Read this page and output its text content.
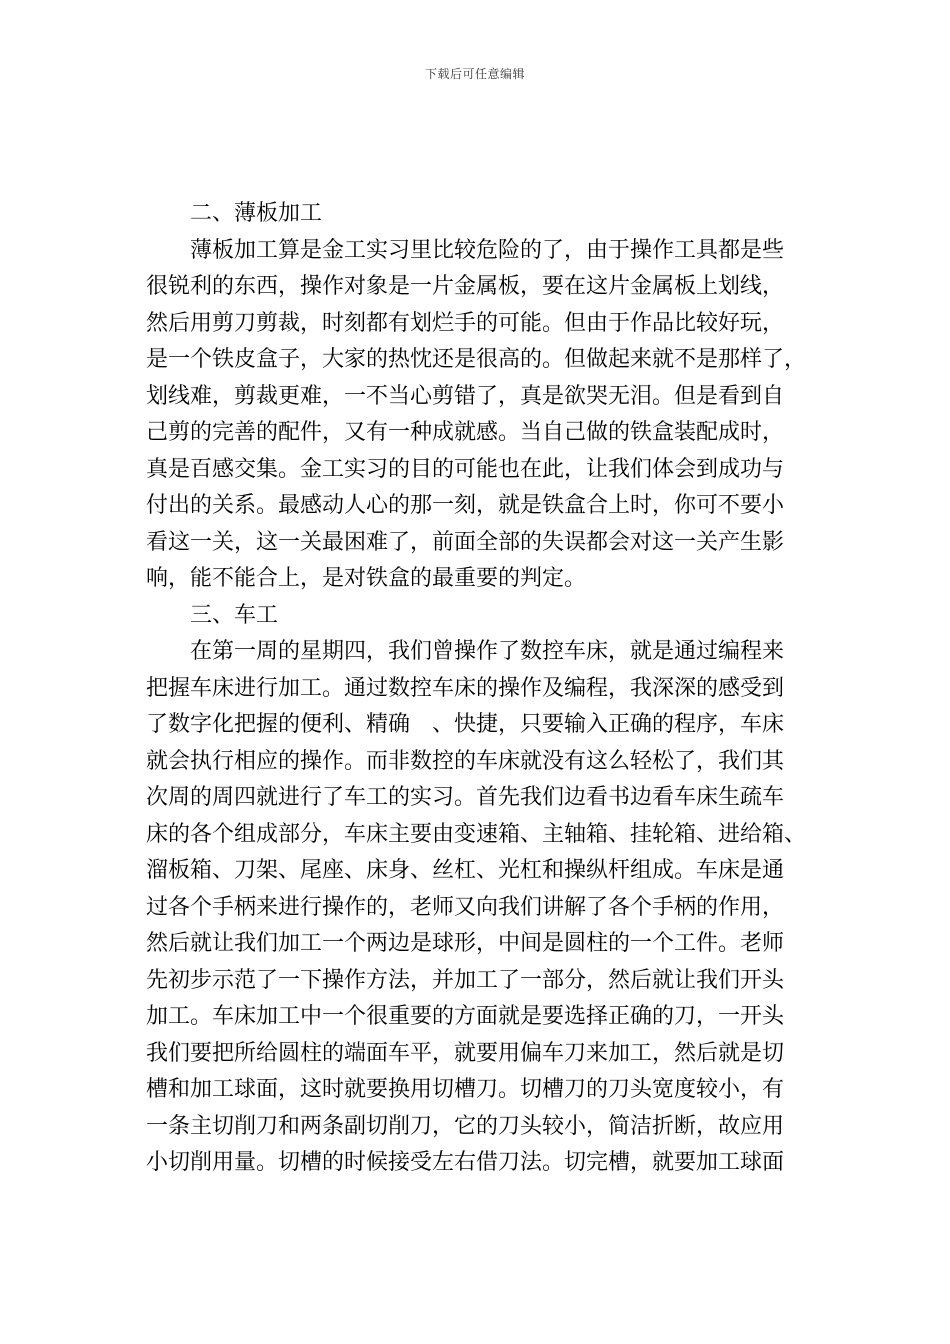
下载后可任意编辑
二、薄板加工
薄板加工算是金工实习里比较危险的了，由于操作工具都是些
很锐利的东西，操作对象是一片金属板，要在这片金属板上划线，
然后用剪刀剪裁，时刻都有划烂手的可能。但由于作品比较好玩，
是一个铁皮盒子，大家的热忱还是很高的。但做起来就不是那样了，
划线难，剪裁更难，一不当心剪错了，真是欲哭无泪。但是看到自
己剪的完善的配件，又有一种成就感。当自己做的铁盒装配成时，
真是百感交集。金工实习的目的可能也在此，让我们体会到成功与
付出的关系。最感动人心的那一刻，就是铁盒合上时，你可不要小
看这一关，这一关最困难了，前面全部的失误都会对这一关产生影
响，能不能合上，是对铁盒的最重要的判定。
三、车工
在第一周的星期四，我们曾操作了数控车床，就是通过编程来
把握车床进行加工。通过数控车床的操作及编程，我深深的感受到
了数字化把握的便利、精确　、快捷，只要输入正确的程序，车床
就会执行相应的操作。而非数控的车床就没有这么轻松了，我们其
次周的周四就进行了车工的实习。首先我们边看书边看车床生疏车
床的各个组成部分，车床主要由变速箱、主轴箱、挂轮箱、进给箱、
溜板箱、刀架、尾座、床身、丝杠、光杠和操纵杆组成。车床是通
过各个手柄来进行操作的，老师又向我们讲解了各个手柄的作用，
然后就让我们加工一个两边是球形，中间是圆柱的一个工件。老师
先初步示范了一下操作方法，并加工了一部分，然后就让我们开头
加工。车床加工中一个很重要的方面就是要选择正确的刀，一开头
我们要把所给圆柱的端面车平，就要用偏车刀来加工，然后就是切
槽和加工球面，这时就要换用切槽刀。切槽刀的刀头宽度较小，有
一条主切削刀和两条副切削刀，它的刀头较小，简洁折断，故应用
小切削用量。切槽的时候接受左右借刀法。切完槽，就要加工球面
